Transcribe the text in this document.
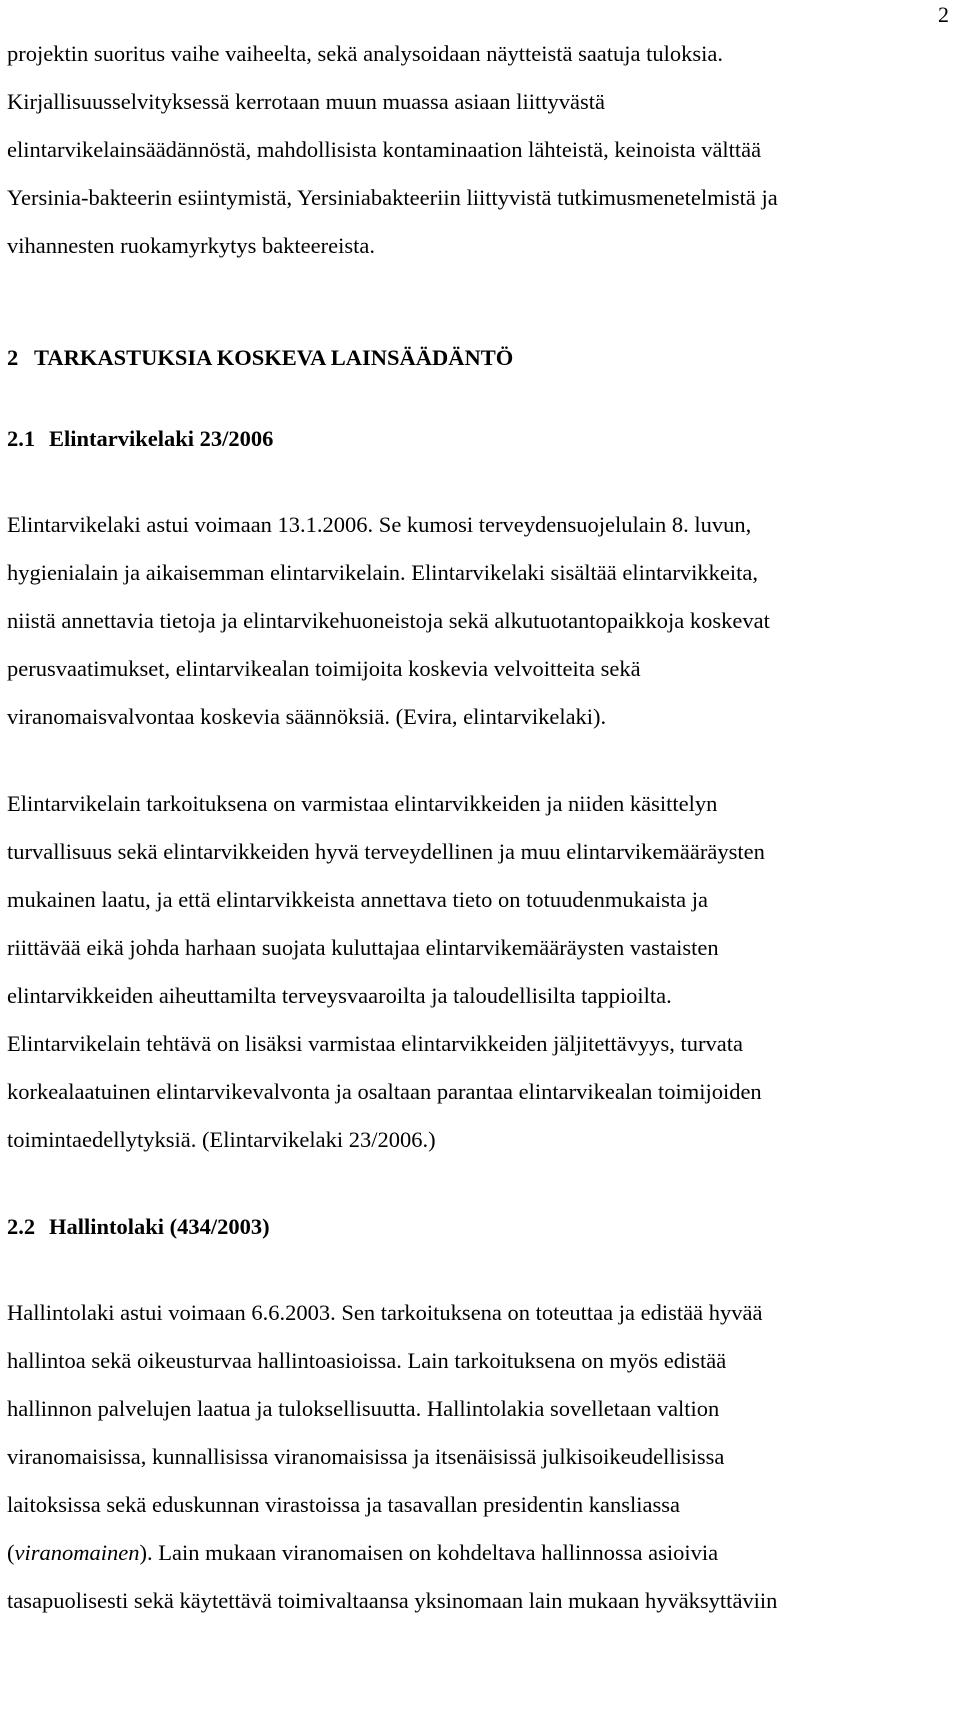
2
projektin suoritus vaihe vaiheelta, sekä analysoidaan näytteistä saatuja tuloksia.
Kirjallisuusselvityksessä kerrotaan muun muassa asiaan liittyvästä
elintarvikelainsäädännöstä, mahdollisista kontaminaation lähteistä, keinoista välttää
Yersinia-bakteerin esiintymistä, Yersiniabakteeriin liittyvistä tutkimusmenetelmistä ja
vihannesten ruokamyrkytys bakteereista.
2 TARKASTUKSIA KOSKEVA LAINSÄÄDÄNTÖ
2.1 Elintarvikelaki 23/2006
Elintarvikelaki astui voimaan 13.1.2006. Se kumosi terveydensuojelulain 8. luvun,
hygienialain ja aikaisemman elintarvikelain. Elintarvikelaki sisältää elintarvikkeita,
niistä annettavia tietoja ja elintarvikehuoneistoja sekä alkutuotantopaikkoja koskevat
perusvaatimukset, elintarvikealan toimijoita koskevia velvoitteita sekä
viranomaisvalvontaa koskevia säännöksiä. (Evira, elintarvikelaki).
Elintarvikelain tarkoituksena on varmistaa elintarvikkeiden ja niiden käsittelyn
turvallisuus sekä elintarvikkeiden hyvä terveydellinen ja muu elintarvikemääräysten
mukainen laatu, ja että elintarvikkeista annettava tieto on totuudenmukaista ja
riittävää eikä johda harhaan suojata kuluttajaa elintarvikemääräysten vastaisten
elintarvikkeiden aiheuttamilta terveysvaaroilta ja taloudellisilta tappioilta.
Elintarvikelain tehtävä on lisäksi varmistaa elintarvikkeiden jäljitettävyys, turvata
korkealaatuinen elintarvikevalvonta ja osaltaan parantaa elintarvikealan toimijoiden
toimintaedellytyksiä. (Elintarvikelaki 23/2006.)
2.2 Hallintolaki (434/2003)
Hallintolaki astui voimaan 6.6.2003. Sen tarkoituksena on toteuttaa ja edistää hyvää
hallintoa sekä oikeusturvaa hallintoasioissa. Lain tarkoituksena on myös edistää
hallinnon palvelujen laatua ja tuloksellisuutta. Hallintolakia sovelletaan valtion
viranomaisissa, kunnallisissa viranomaisissa ja itsenäisissä julkisoikeudellisissa
laitoksissa sekä eduskunnan virastoissa ja tasavallan presidentin kansliassa
(viranomainen). Lain mukaan viranomaisen on kohdeltava hallinnossa asioivia
tasapuolisesti sekä käytettävä toimivaltaansa yksinomaan lain mukaan hyväksyttäviin
